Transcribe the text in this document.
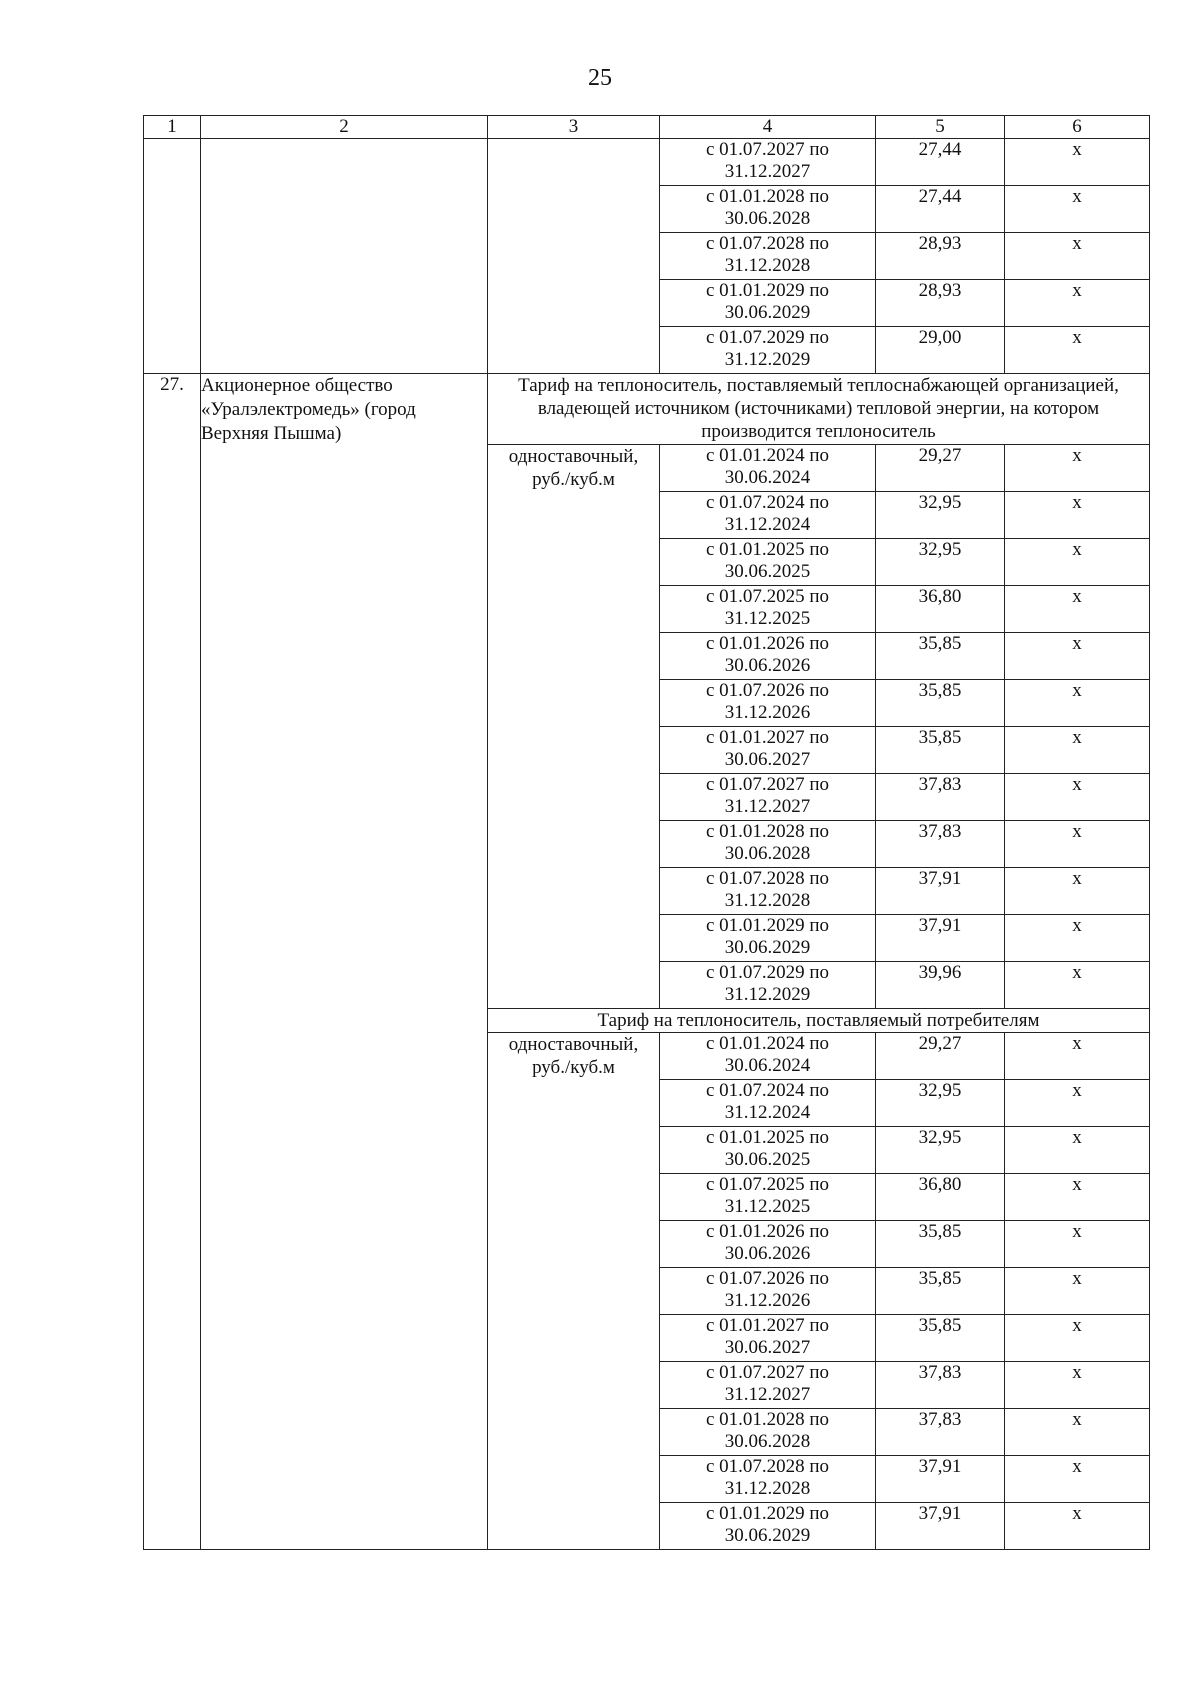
25
1	2	3	4	5	6

			с 01.07.2027 по
31.12.2027	27,44	х

			с 01.01.2028 по
30.06.2028	27,44	х

			с 01.07.2028 по
31.12.2028	28,93	х

			с 01.01.2029 по
30.06.2029	28,93	х

			с 01.07.2029 по
31.12.2029	29,00	х
27.	Акционерное общество «Уралэлектромедь» (город Верхняя Пышма)	Тариф на теплоноситель, поставляемый теплоснабжающей организацией, владеющей источником (источниками) тепловой энергии, на котором производится теплоноситель			
		одноставочный, руб./куб.м	с 01.01.2024 по
30.06.2024	29,27	х

			с 01.07.2024 по
31.12.2024	32,95	х

			с 01.01.2025 по
30.06.2025	32,95	х

			с 01.07.2025 по
31.12.2025	36,80	х

			с 01.01.2026 по
30.06.2026	35,85	х

			с 01.07.2026 по
31.12.2026	35,85	х

			с 01.01.2027 по
30.06.2027	35,85	х

			с 01.07.2027 по
31.12.2027	37,83	х

			с 01.01.2028 по
30.06.2028	37,83	х

			с 01.07.2028 по
31.12.2028	37,91	х

			с 01.01.2029 по
30.06.2029	37,91	х

			с 01.07.2029 по
31.12.2029	39,96	х
		Тариф на теплоноситель, поставляемый потребителям			
		одноставочный, руб./куб.м	с 01.01.2024 по
30.06.2024	29,27	х

			с 01.07.2024 по
31.12.2024	32,95	х

			с 01.01.2025 по
30.06.2025	32,95	х

			с 01.07.2025 по
31.12.2025	36,80	х

			с 01.01.2026 по
30.06.2026	35,85	х

			с 01.07.2026 по
31.12.2026	35,85	х

			с 01.01.2027 по
30.06.2027	35,85	х

			с 01.07.2027 по
31.12.2027	37,83	х

			с 01.01.2028 по
30.06.2028	37,83	х

			с 01.07.2028 по
31.12.2028	37,91	х

			с 01.01.2029 по
30.06.2029	37,91	х
